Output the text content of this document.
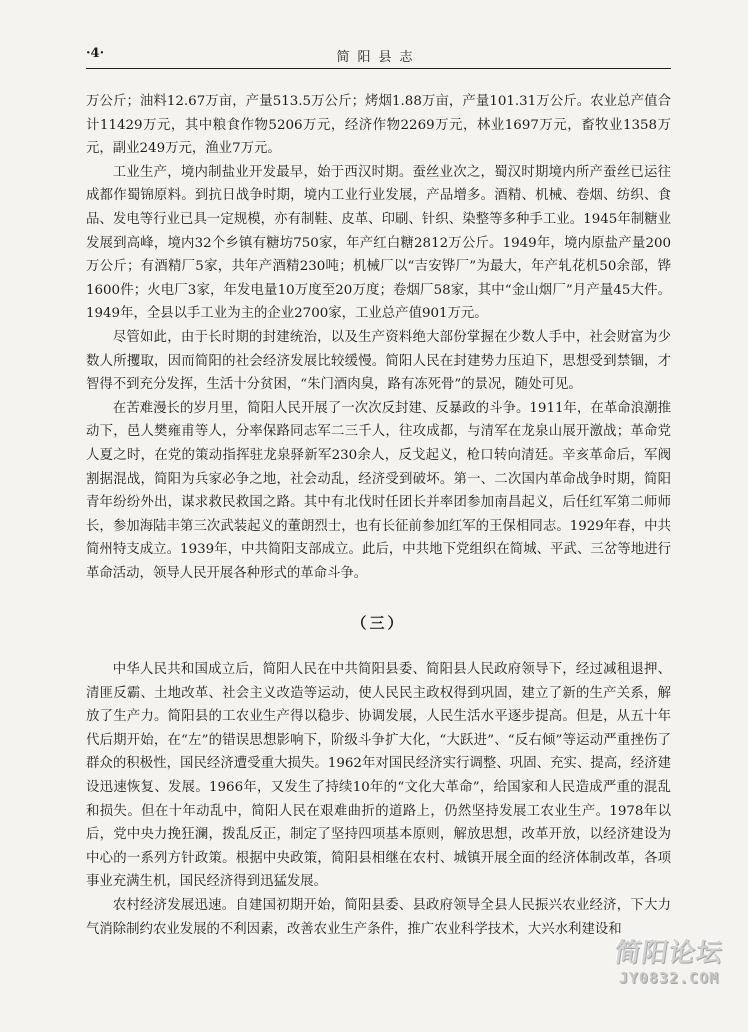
·4·	简阳县志

万公斤；油料12.67万亩，产量513.5万公斤；烤烟1.88万亩，产量101.31万公斤。农业总产值合计11429万元，其中粮食作物5206万元，经济作物2269万元，林业1697万元，畜牧业1358万元，副业249万元，渔业7万元。

工业生产，境内制盐业开发最早，始于西汉时期。蚕丝业次之，蜀汉时期境内所产蚕丝已运往成都作蜀锦原料。到抗日战争时期，境内工业行业发展，产品增多。酒精、机械、卷烟、纺织、食品、发电等行业已具一定规模，亦有制鞋、皮革、印刷、针织、染整等多种手工业。1945年制糖业发展到高峰，境内32个乡镇有糖坊750家，年产红白糖2812万公斤。1949年，境内原盐产量200万公斤；有酒精厂5家，共年产酒精230吨；机械厂以“吉安铧厂”为最大，年产轧花机50余部，铧1600件；火电厂3家，年发电量10万度至20万度；卷烟厂58家，其中“金山烟厂”月产量45大件。1949年，全县以手工业为主的企业2700家，工业总产值901万元。

尽管如此，由于长时期的封建统治，以及生产资料绝大部份掌握在少数人手中，社会财富为少数人所攫取，因而简阳的社会经济发展比较缓慢。简阳人民在封建势力压迫下，思想受到禁锢，才智得不到充分发挥，生活十分贫困，“朱门酒肉臭，路有冻死骨”的景况，随处可见。

在苦难漫长的岁月里，简阳人民开展了一次次反封建、反暴政的斗争。1911年，在革命浪潮推动下，邑人樊雍甫等人，分率保路同志军二三千人，往攻成都，与清军在龙泉山展开激战；革命党人夏之时，在党的策动指挥驻龙泉驿新军230余人，反戈起义，枪口转向清廷。辛亥革命后，军阀割据混战，简阳为兵家必争之地，社会动乱，经济受到破坏。第一、二次国内革命战争时期，简阳青年纷纷外出，谋求救民救国之路。其中有北伐时任团长并率团参加南昌起义，后任红军第二师师长，参加海陆丰第三次武装起义的董朗烈士，也有长征前参加红军的王保相同志。1929年春，中共简州特支成立。1939年，中共简阳支部成立。此后，中共地下党组织在简城、平武、三岔等地进行革命活动，领导人民开展各种形式的革命斗争。

（三）

中华人民共和国成立后，简阳人民在中共简阳县委、简阳县人民政府领导下，经过减租退押、清匪反霸、土地改革、社会主义改造等运动，使人民民主政权得到巩固，建立了新的生产关系，解放了生产力。简阳县的工农业生产得以稳步、协调发展，人民生活水平逐步提高。但是，从五十年代后期开始，在“左”的错误思想影响下，阶级斗争扩大化，“大跃进”、“反右倾”等运动严重挫伤了群众的积极性，国民经济遭受重大损失。1962年对国民经济实行调整、巩固、充实、提高，经济建设迅速恢复、发展。1966年，又发生了持续10年的“文化大革命”，给国家和人民造成严重的混乱和损失。但在十年动乱中，简阳人民在艰难曲折的道路上，仍然坚持发展工农业生产。1978年以后，党中央力挽狂澜，拨乱反正，制定了坚持四项基本原则，解放思想，改革开放，以经济建设为中心的一系列方针政策。根据中央政策，简阳县相继在农村、城镇开展全面的经济体制改革，各项事业充满生机，国民经济得到迅猛发展。

农村经济发展迅速。自建国初期开始，简阳县委、县政府领导全县人民振兴农业经济，下大力气消除制约农业发展的不利因素，改善农业生产条件，推广农业科学技术，大兴水利建设和

简阳论坛
JY0832.COM
